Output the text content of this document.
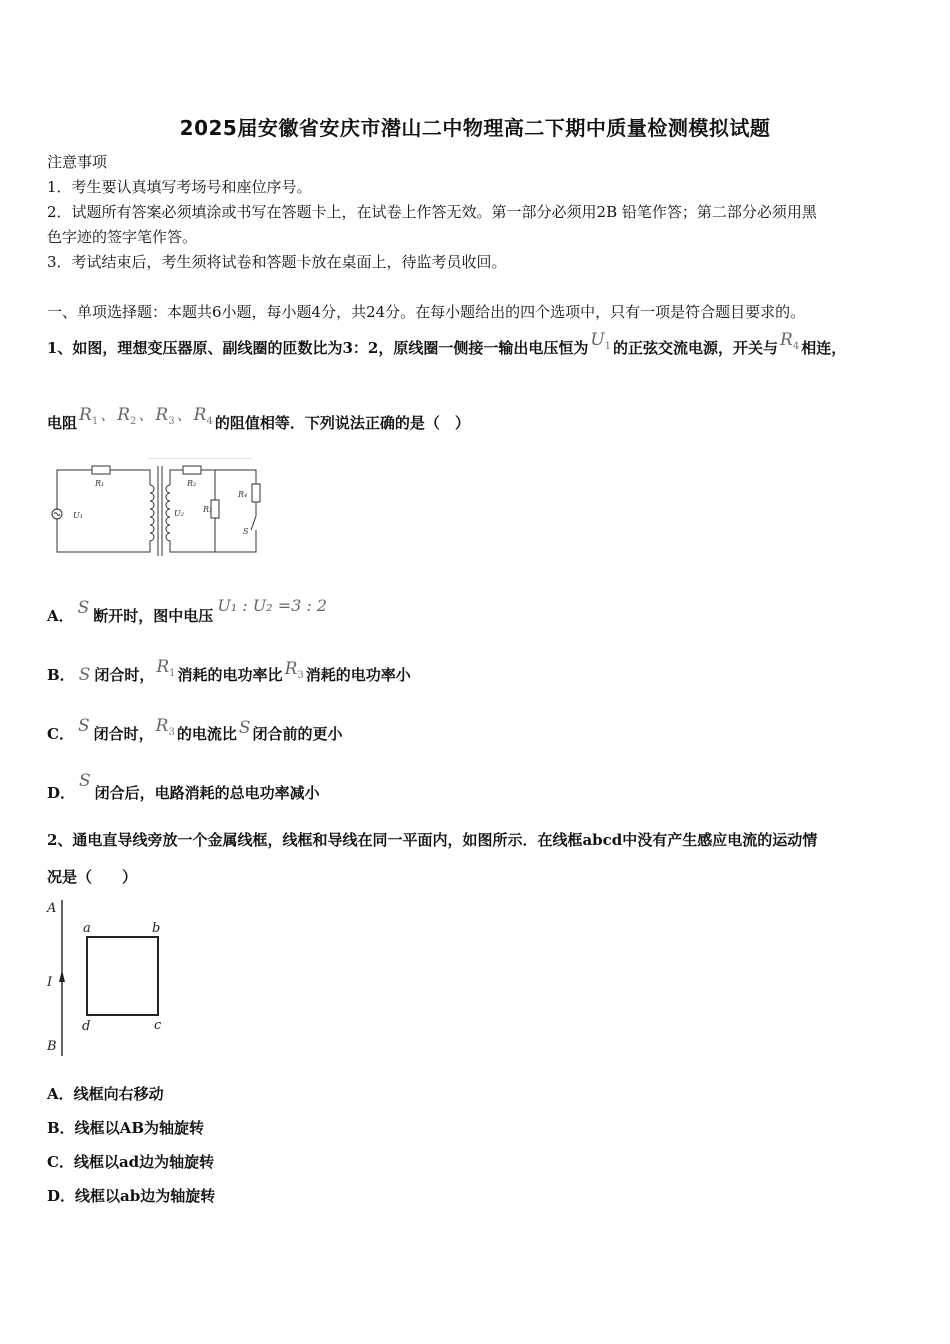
2025届安徽省安庆市潜山二中物理高二下期中质量检测模拟试题
注意事项
1．考生要认真填写考场号和座位序号。
2．试题所有答案必须填涂或书写在答题卡上，在试卷上作答无效。第一部分必须用2B 铅笔作答；第二部分必须用黑
色字迹的签字笔作答。
3．考试结束后，考生须将试卷和答题卡放在桌面上，待监考员收回。
一、单项选择题：本题共6小题，每小题4分，共24分。在每小题给出的四个选项中，只有一项是符合题目要求的。
1、如图，理想变压器原、副线圈的匝数比为3：2，原线圈一侧接一输出电压恒为 $U_1$ 的正弦交流电源，开关与 $R_4$ 相连，
电阻 $R_1$ 、 $R_2$ 、 $R_3$ 、 $R_4$ 的阻值相等．下列说法正确的是（　）
R₁
U₁
R₂
U₂ R₃
R₄
S
A． S 断开时，图中电压U₁ : U₂ =3 : 2
B． S 闭合时， $R_1$ 消耗的电功率比 $R_3$ 消耗的电功率小
C． S 闭合时， $R_3$ 的电流比 S 闭合前的更小
D．S闭合后，电路消耗的总电功率减小
2、通电直导线旁放一个金属线框，线框和导线在同一平面内，如图所示．在线框abcd中没有产生感应电流的运动情
况是（　　）
A
B
I
a	b
c
d
A．线框向右移动
B．线框以AB为轴旋转
C．线框以ad边为轴旋转
D．线框以ab边为轴旋转
